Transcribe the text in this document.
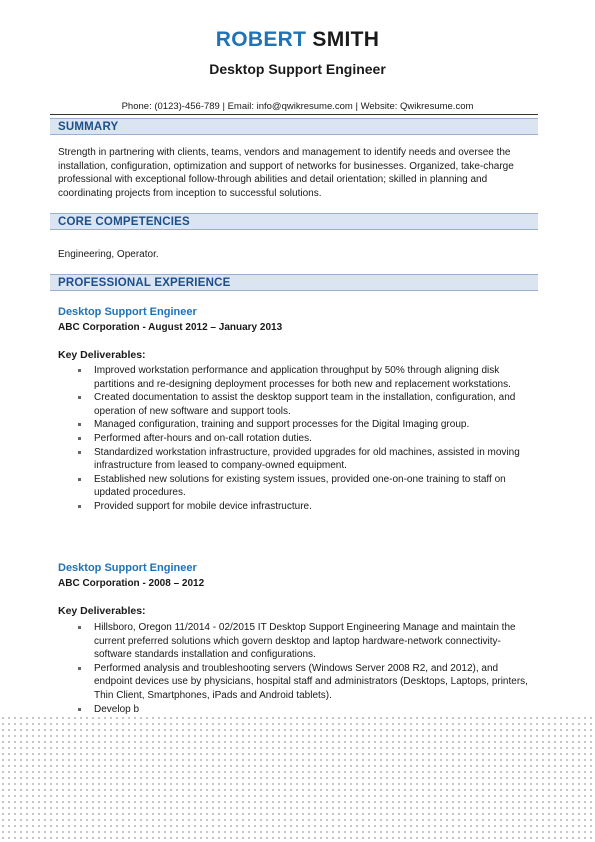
ROBERT SMITH
Desktop Support Engineer
Phone: (0123)-456-789 | Email: info@qwikresume.com | Website: Qwikresume.com
SUMMARY
Strength in partnering with clients, teams, vendors and management to identify needs and oversee the installation, configuration, optimization and support of networks for businesses. Organized, take-charge professional with exceptional follow-through abilities and detail orientation; skilled in planning and coordinating projects from inception to successful solutions.
CORE COMPETENCIES
Engineering, Operator.
PROFESSIONAL EXPERIENCE
Desktop Support Engineer
ABC Corporation - August 2012 – January 2013
Key Deliverables:
Improved workstation performance and application throughput by 50% through aligning disk partitions and re-designing deployment processes for both new and replacement workstations.
Created documentation to assist the desktop support team in the installation, configuration, and operation of new software and support tools.
Managed configuration, training and support processes for the Digital Imaging group.
Performed after-hours and on-call rotation duties.
Standardized workstation infrastructure, provided upgrades for old machines, assisted in moving infrastructure from leased to company-owned equipment.
Established new solutions for existing system issues, provided one-on-one training to staff on updated procedures.
Provided support for mobile device infrastructure.
Desktop Support Engineer
ABC Corporation - 2008 – 2012
Key Deliverables:
Hillsboro, Oregon 11/2014 - 02/2015 IT Desktop Support Engineering Manage and maintain the current preferred solutions which govern desktop and laptop hardware-network connectivity-software standards installation and configurations.
Performed analysis and troubleshooting servers (Windows Server 2008 R2, and 2012), and endpoint devices use by physicians, hospital staff and administrators (Desktops, Laptops, printers, Thin Client, Smartphones, iPads and Android tablets).
Develop b
